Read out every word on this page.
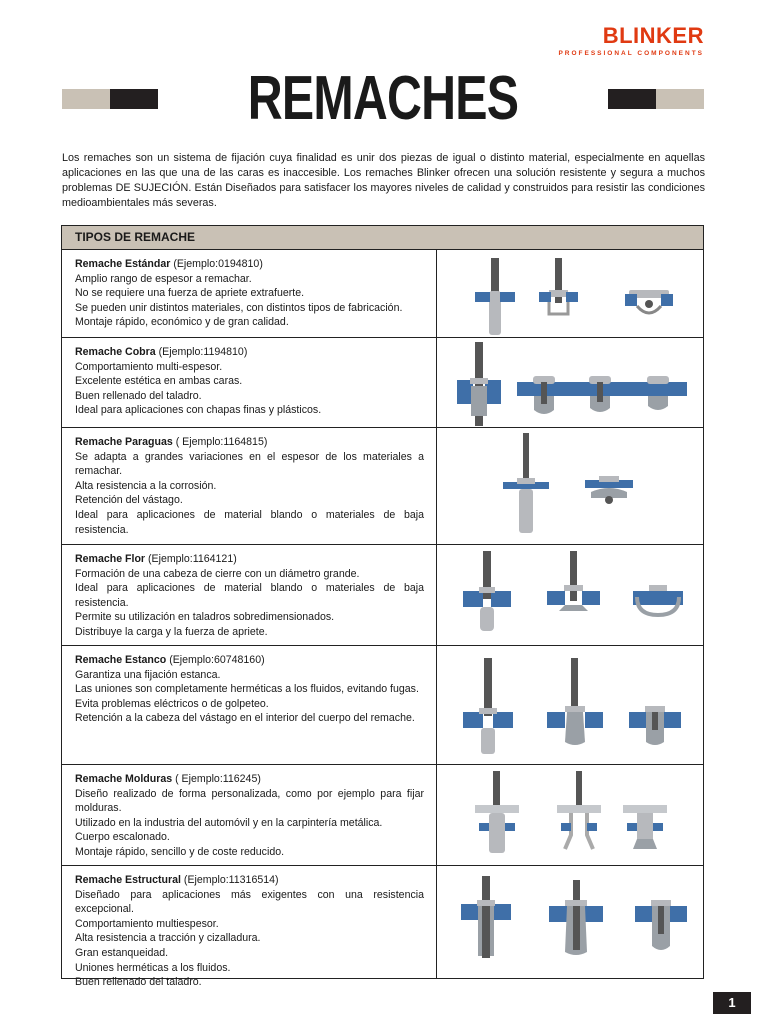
BLINKER
PROFESSIONAL COMPONENTS
REMACHES
Los remaches son un sistema de fijación cuya finalidad es unir dos piezas de igual o distinto material, especialmente en aquellas aplicaciones en las que una de las caras es inaccesible. Los remaches Blinker ofrecen una solución resistente y segura a muchos problemas DE SUJECIÓN. Están Diseñados para satisfacer los mayores niveles de calidad y construidos para resistir las condiciones medioambientales más severas.
TIPOS DE REMACHE
Remache Estándar (Ejemplo:0194810)
Amplio rango de espesor a remachar.
No se requiere una fuerza de apriete extrafuerte.
Se pueden unir distintos materiales, con distintos tipos de fabricación.
Montaje rápido, económico y de gran calidad.
Remache Cobra (Ejemplo:1194810)
Comportamiento multi-espesor.
Excelente estética en ambas caras.
Buen rellenado del taladro.
Ideal para aplicaciones con chapas finas y plásticos.
Remache Paraguas ( Ejemplo:1164815)
Se adapta a grandes variaciones en el espesor de los materiales a remachar.
Alta resistencia a la corrosión.
Retención del vástago.
Ideal para aplicaciones de material blando o materiales de baja resistencia.
Remache Flor (Ejemplo:1164121)
Formación de una cabeza de cierre con un diámetro grande.
Ideal para aplicaciones de material blando o materiales de baja resistencia.
Permite su utilización en taladros sobredimensionados.
Distribuye la carga y la fuerza de apriete.
Remache Estanco (Ejemplo:60748160)
Garantiza una fijación estanca.
Las uniones son completamente herméticas a los fluidos, evitando fugas.
Evita problemas eléctricos o de golpeteo.
Retención a la cabeza del vástago en el interior del cuerpo del remache.
Remache Molduras ( Ejemplo:116245)
Diseño realizado de forma personalizada, como por ejemplo para fijar molduras.
Utilizado en la industria del automóvil y en la carpintería metálica.
Cuerpo escalonado.
Montaje rápido, sencillo y de coste reducido.
Remache Estructural (Ejemplo:11316514)
Diseñado para aplicaciones más exigentes con una resistencia excepcional.
Comportamiento multiespesor.
Alta resistencia a tracción y cizalladura.
Gran estanqueidad.
Uniones herméticas a los fluidos.
Buen rellenado del taladro.
1
